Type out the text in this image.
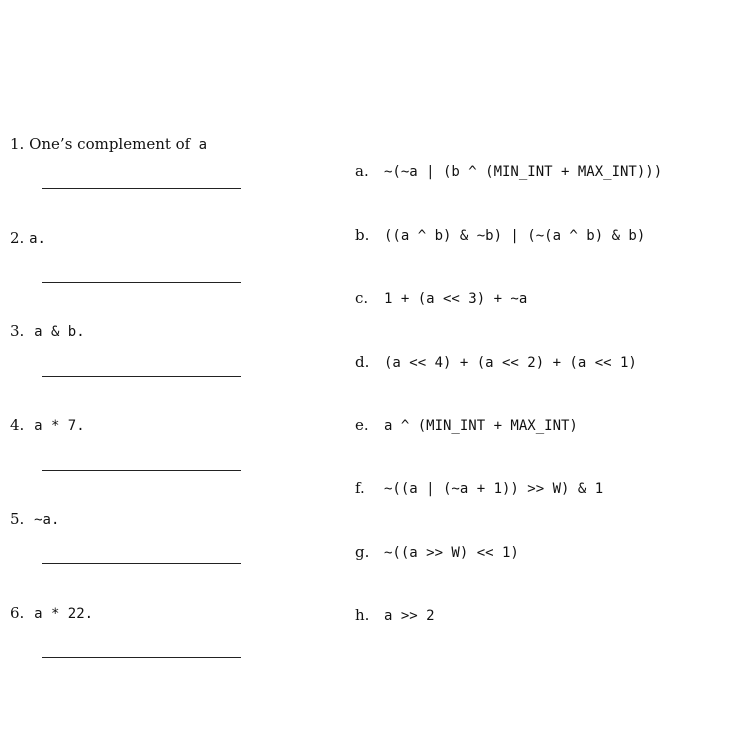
1. One’s complement of a
2. a.
3. a & b.
4. a * 7.
5. ~a.
6. a * 22.
a. ~(~a | (b ^ (MIN_INT + MAX_INT)))
b. ((a ^ b) & ~b) | (~(a ^ b) & b)
c. 1 + (a << 3) + ~a
d. (a << 4) + (a << 2) + (a << 1)
e. a ^ (MIN_INT + MAX_INT)
f. ~((a | (~a + 1)) >> W) & 1
g. ~((a >> W) << 1)
h. a >> 2
